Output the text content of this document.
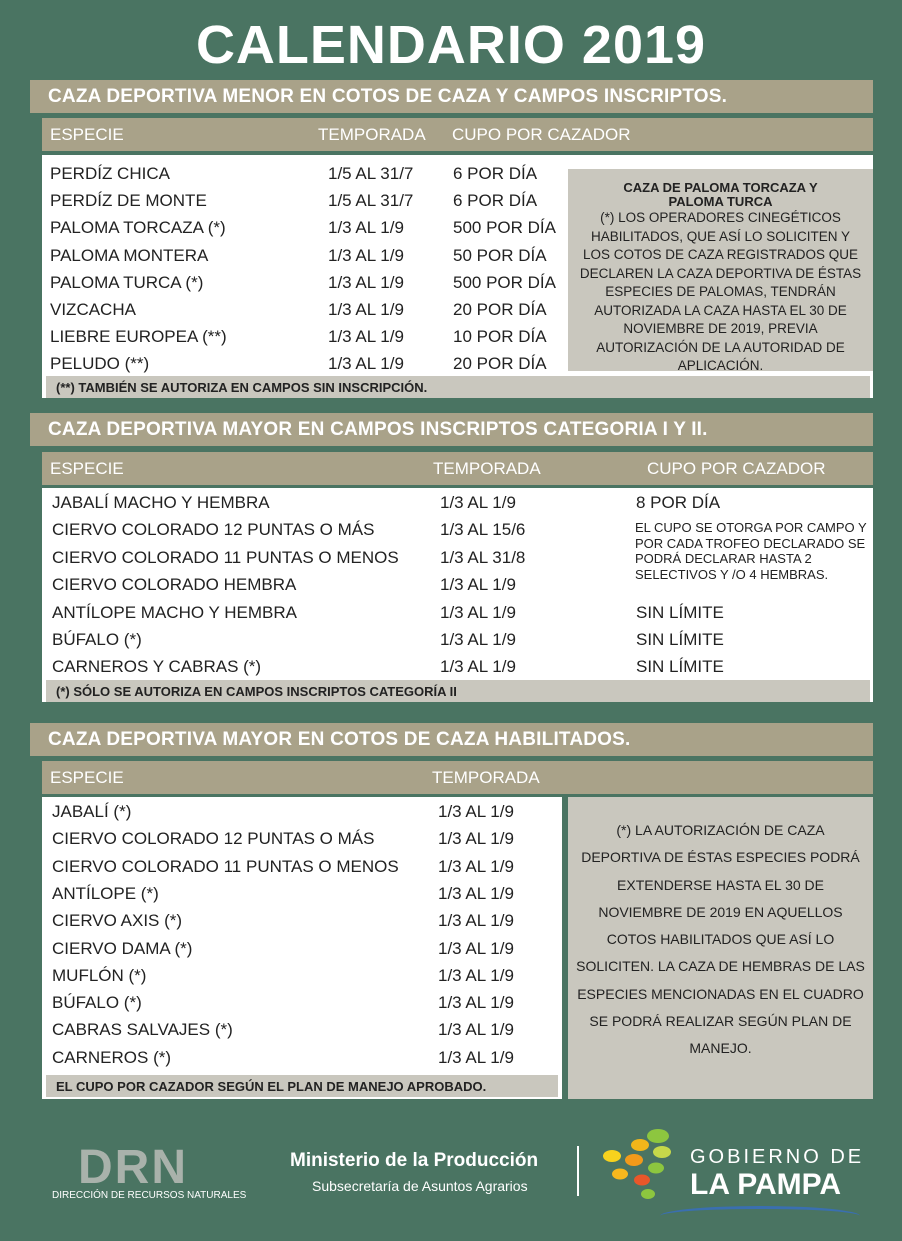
CALENDARIO 2019
CAZA DEPORTIVA MENOR EN COTOS DE CAZA Y CAMPOS INSCRIPTOS.
ESPECIE	TEMPORADA CUPO POR CAZADOR
PERDÍZ CHICA	1/5 AL 31/7 6 POR DÍA
PERDÍZ DE MONTE	1/5 AL 31/7 6 POR DÍA
PALOMA TORCAZA (*)	1/3 AL 1/9	500 POR DÍA
PALOMA MONTERA	1/3 AL 1/9	50 POR DÍA
PALOMA TURCA (*)	1/3 AL 1/9	500 POR DÍA
VIZCACHA	1/3 AL 1/9	20 POR DÍA
LIEBRE EUROPEA (**)	1/3 AL 1/9	10 POR DÍA
PELUDO (**)	1/3 AL 1/9	20 POR DÍA
CAZA DE PALOMA TORCAZA Y PALOMA TURCA
(*) LOS OPERADORES CINEGÉTICOS HABILITADOS, QUE ASÍ LO SOLICITEN Y LOS COTOS DE CAZA REGISTRADOS QUE DECLAREN LA CAZA DEPORTIVA DE ÉSTAS ESPECIES DE PALOMAS, TENDRÁN AUTORIZADA LA CAZA HASTA EL 30 DE NOVIEMBRE DE 2019, PREVIA AUTORIZACIÓN DE LA AUTORIDAD DE APLICACIÓN.
(**) TAMBIÉN SE AUTORIZA EN CAMPOS SIN INSCRIPCIÓN.
CAZA DEPORTIVA MAYOR EN CAMPOS INSCRIPTOS CATEGORIA I Y II.
ESPECIE	TEMPORADA	CUPO POR CAZADOR
JABALÍ MACHO Y HEMBRA	1/3 AL 1/9	8 POR DÍA
CIERVO COLORADO 12 PUNTAS O MÁS	1/3 AL 15/6
CIERVO COLORADO 11 PUNTAS O MENOS 1/3 AL 31/8
CIERVO COLORADO HEMBRA	1/3 AL 1/9
ANTÍLOPE MACHO Y HEMBRA	1/3 AL 1/9	SIN LÍMITE
BÚFALO (*)	1/3 AL 1/9	SIN LÍMITE
CARNEROS Y CABRAS (*)	1/3 AL 1/9	SIN LÍMITE
EL CUPO SE OTORGA POR CAMPO Y POR CADA TROFEO DECLARADO SE PODRÁ DECLARAR HASTA 2 SELECTIVOS Y /O 4 HEMBRAS.
(*) SÓLO SE AUTORIZA EN CAMPOS INSCRIPTOS CATEGORÍA II
CAZA DEPORTIVA MAYOR EN COTOS DE CAZA HABILITADOS.
ESPECIE	TEMPORADA
JABALÍ (*)	1/3 AL 1/9
CIERVO COLORADO 12 PUNTAS O MÁS	1/3 AL 1/9
CIERVO COLORADO 11 PUNTAS O MENOS 1/3 AL 1/9
ANTÍLOPE (*)	1/3 AL 1/9
CIERVO AXIS (*)	1/3 AL 1/9
CIERVO DAMA (*)	1/3 AL 1/9
MUFLÓN (*)	1/3 AL 1/9
BÚFALO (*)	1/3 AL 1/9
CABRAS SALVAJES (*)	1/3 AL 1/9
CARNEROS (*)	1/3 AL 1/9
EL CUPO POR CAZADOR SEGÚN EL PLAN DE MANEJO APROBADO.
(*) LA AUTORIZACIÓN DE CAZA DEPORTIVA DE ÉSTAS ESPECIES PODRÁ EXTENDERSE HASTA EL 30 DE NOVIEMBRE DE 2019 EN AQUELLOS COTOS HABILITADOS QUE ASÍ LO SOLICITEN. LA CAZA DE HEMBRAS DE LAS ESPECIES MENCIONADAS EN EL CUADRO SE PODRÁ REALIZAR SEGÚN PLAN DE MANEJO.
DRN
DIRECCIÓN DE RECURSOS NATURALES
Ministerio de la Producción
Subsecretaría de Asuntos Agrarios
GOBIERNO DE
LA PAMPA
